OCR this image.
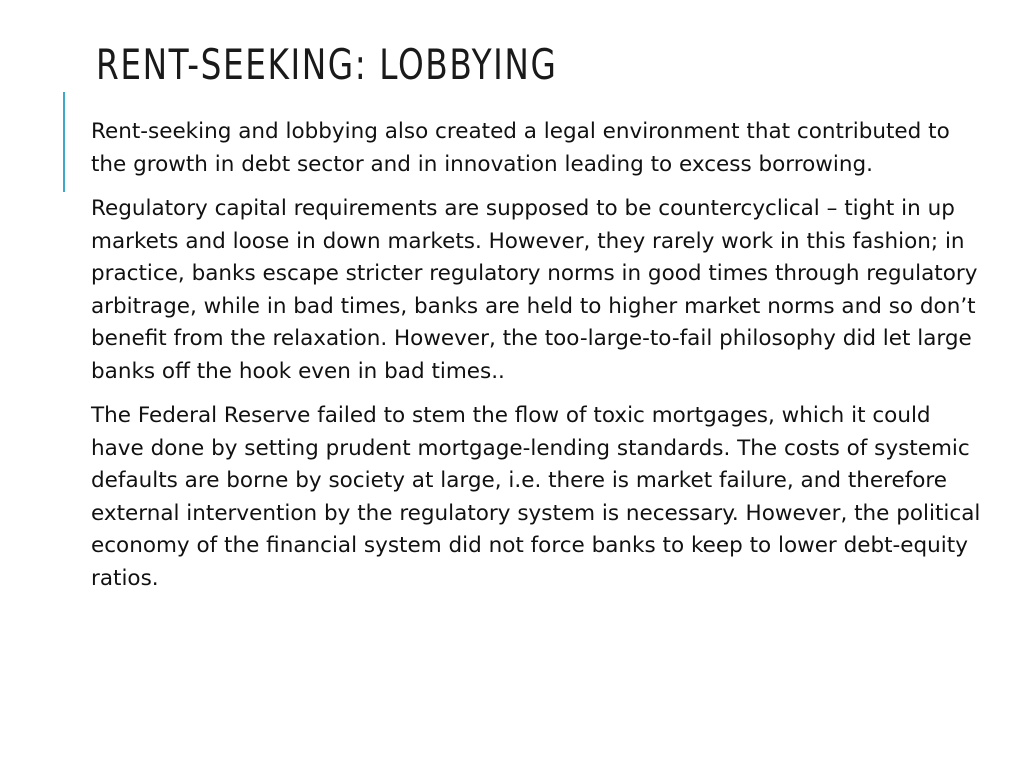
RENT-SEEKING: LOBBYING

Rent-seeking and lobbying also created a legal environment that contributed to the growth in debt sector and in innovation leading to excess borrowing.

Regulatory capital requirements are supposed to be countercyclical – tight in up markets and loose in down markets. However, they rarely work in this fashion; in practice, banks escape stricter regulatory norms in good times through regulatory arbitrage, while in bad times, banks are held to higher market norms and so don’t benefit from the relaxation. However, the too-large-to-fail philosophy did let large banks off the hook even in bad times..

The Federal Reserve failed to stem the flow of toxic mortgages, which it could have done by setting prudent mortgage-lending standards. The costs of systemic defaults are borne by society at large, i.e. there is market failure, and therefore external intervention by the regulatory system is necessary. However, the political economy of the financial system did not force banks to keep to lower debt-equity ratios.
